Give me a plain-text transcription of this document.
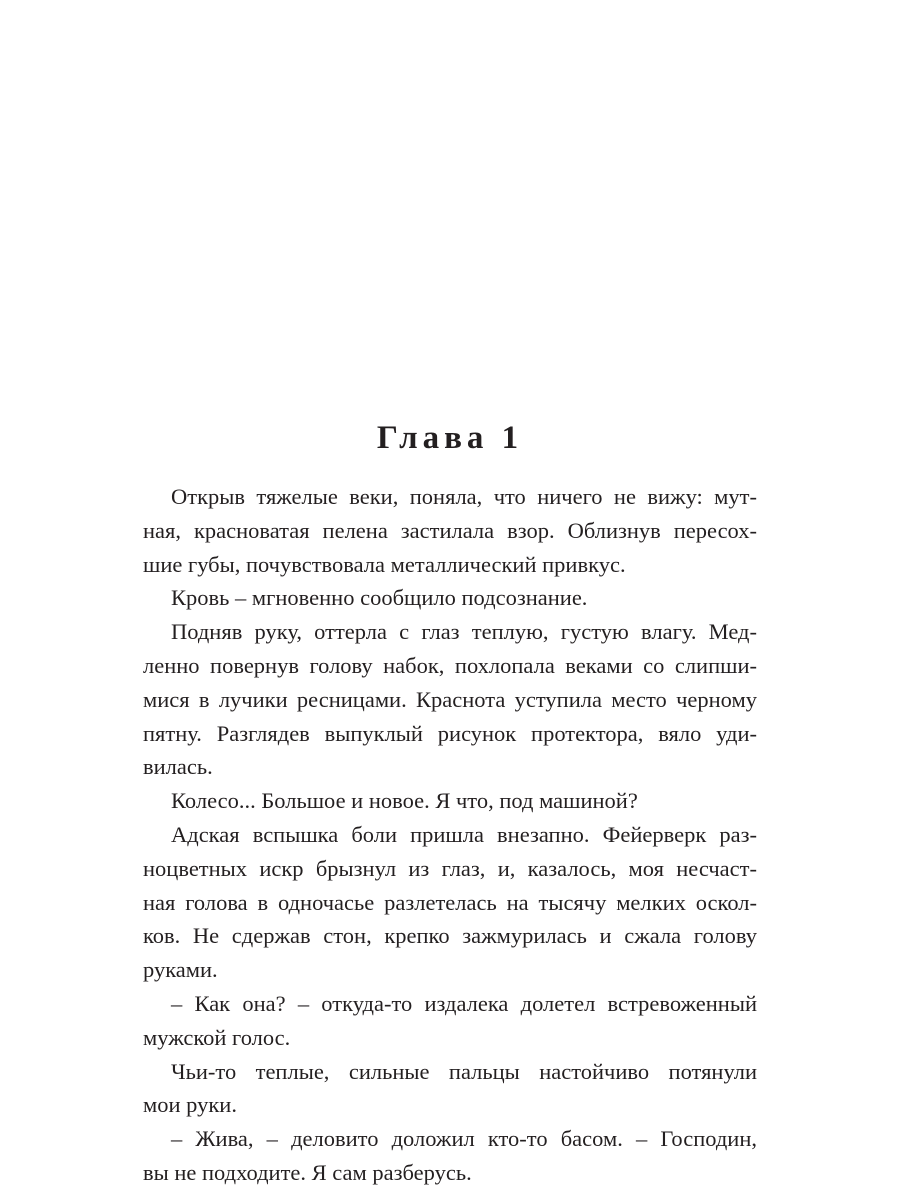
Глава 1
Открыв тяжелые веки, поняла, что ничего не вижу: мут-
ная, красноватая пелена застилала взор. Облизнув пересох-
шие губы, почувствовала металлический привкус.
Кровь – мгновенно сообщило подсознание.
Подняв руку, оттерла с глаз теплую, густую влагу. Мед-
ленно повернув голову набок, похлопала веками со слипши-
мися в лучики ресницами. Краснота уступила место черному
пятну. Разглядев выпуклый рисунок протектора, вяло уди-
вилась.
Колесо... Большое и новое. Я что, под машиной?
Адская вспышка боли пришла внезапно. Фейерверк раз-
ноцветных искр брызнул из глаз, и, казалось, моя несчаст-
ная голова в одночасье разлетелась на тысячу мелких оскол-
ков. Не сдержав стон, крепко зажмурилась и сжала голову
руками.
– Как она? – откуда-то издалека долетел встревоженный
мужской голос.
Чьи-то теплые, сильные пальцы настойчиво потянули
мои руки.
– Жива, – деловито доложил кто-то басом. – Господин,
вы не подходите. Я сам разберусь.
